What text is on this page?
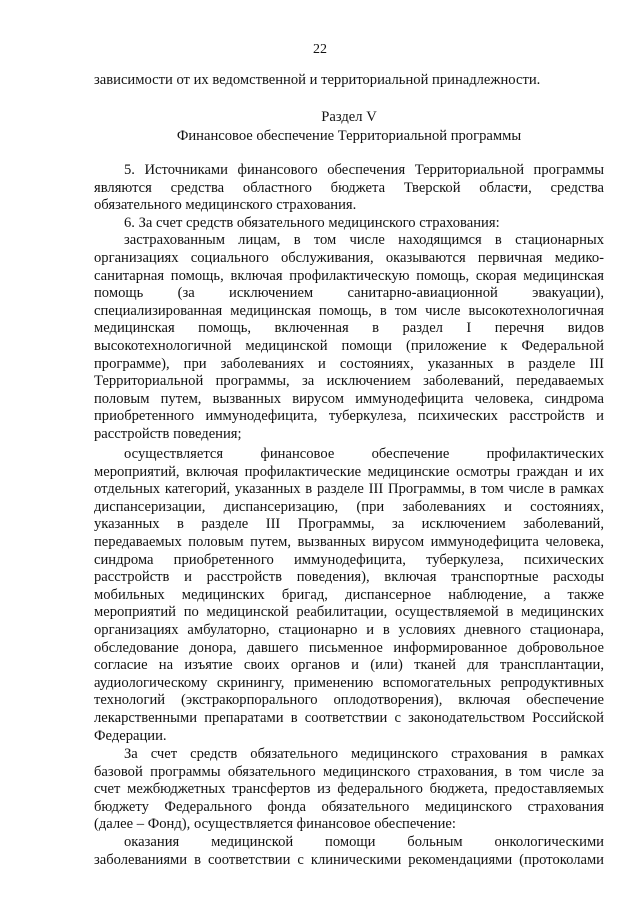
22
зависимости от их ведомственной и территориальной принадлежности.
Раздел V
Финансовое обеспечение Территориальной программы
5. Источниками финансового обеспечения Территориальной программы
являются средства областного бюджета Тверской области, средства
обязательного медицинского страхования.
6. За счет средств обязательного медицинского страхования:
застрахованным лицам, в том числе находящимся в стационарных
организациях социального обслуживания, оказываются первичная медико-
санитарная помощь, включая профилактическую помощь, скорая медицинская
помощь (за исключением санитарно-авиационной эвакуации),
специализированная медицинская помощь, в том числе высокотехнологичная
медицинская помощь, включенная в раздел I перечня видов
высокотехнологичной медицинской помощи (приложение к Федеральной
программе), при заболеваниях и состояниях, указанных в разделе III
Территориальной программы, за исключением заболеваний, передаваемых
половым путем, вызванных вирусом иммунодефицита человека, синдрома
приобретенного иммунодефицита, туберкулеза, психических расстройств и
расстройств поведения;
осуществляется финансовое обеспечение профилактических
мероприятий, включая профилактические медицинские осмотры граждан и их
отдельных категорий, указанных в разделе III Программы, в том числе в рамках
диспансеризации, диспансеризацию, (при заболеваниях и состояниях,
указанных в разделе III Программы, за исключением заболеваний,
передаваемых половым путем, вызванных вирусом иммунодефицита человека,
синдрома приобретенного иммунодефицита, туберкулеза, психических
расстройств и расстройств поведения), включая транспортные расходы
мобильных медицинских бригад, диспансерное наблюдение, а также
мероприятий по медицинской реабилитации, осуществляемой в медицинских
организациях амбулаторно, стационарно и в условиях дневного стационара,
обследование донора, давшего письменное информированное добровольное
согласие на изъятие своих органов и (или) тканей для трансплантации,
аудиологическому скринингу, применению вспомогательных репродуктивных
технологий (экстракорпорального оплодотворения), включая обеспечение
лекарственными препаратами в соответствии с законодательством Российской
Федерации.
За счет средств обязательного медицинского страхования в рамках
базовой программы обязательного медицинского страхования, в том числе за
счет межбюджетных трансфертов из федерального бюджета, предоставляемых
бюджету Федерального фонда обязательного медицинского страхования
(далее – Фонд), осуществляется финансовое обеспечение:
оказания медицинской помощи больным онкологическими
заболеваниями в соответствии с клиническими рекомендациями (протоколами
